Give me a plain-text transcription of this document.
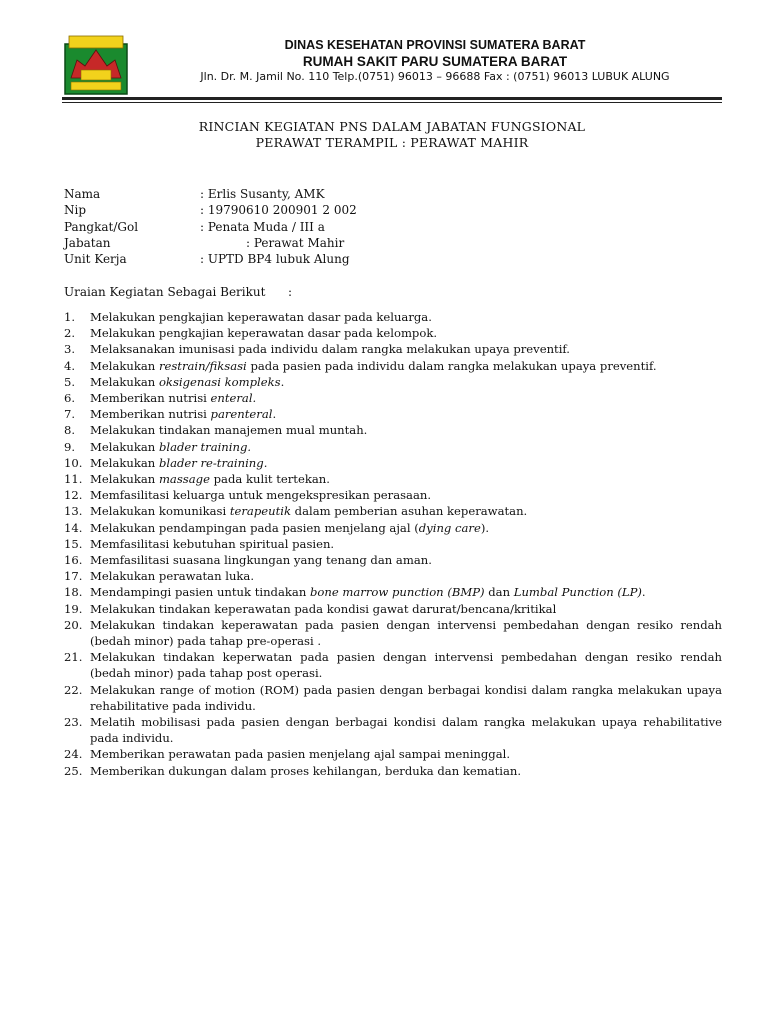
DINAS KESEHATAN PROVINSI SUMATERA BARAT
RUMAH SAKIT PARU SUMATERA BARAT
Jln. Dr. M. Jamil No. 110 Telp.(0751) 96013 – 96688 Fax : (0751) 96013 LUBUK ALUNG
RINCIAN KEGIATAN PNS DALAM JABATAN FUNGSIONAL
PERAWAT TERAMPIL : PERAWAT MAHIR
Nama	: Erlis Susanty, AMK
Nip	: 19790610 200901 2 002
Pangkat/Gol	: Penata Muda / III a
Jabatan	: Perawat Mahir
Unit Kerja	: UPTD BP4 lubuk Alung
Uraian Kegiatan Sebagai Berikut :
1. Melakukan pengkajian keperawatan dasar pada keluarga.
2. Melakukan pengkajian keperawatan dasar pada kelompok.
3. Melaksanakan imunisasi pada individu dalam rangka melakukan upaya preventif.
4. Melakukan restrain/fiksasi pada pasien pada individu dalam rangka melakukan upaya preventif.
5. Melakukan oksigenasi kompleks.
6. Memberikan nutrisi enteral.
7. Memberikan nutrisi parenteral.
8. Melakukan tindakan manajemen mual muntah.
9. Melakukan blader training.
10. Melakukan blader re-training.
11. Melakukan massage pada kulit tertekan.
12. Memfasilitasi keluarga untuk mengekspresikan perasaan.
13. Melakukan komunikasi terapeutik dalam pemberian asuhan keperawatan.
14. Melakukan pendampingan pada pasien menjelang ajal (dying care).
15. Memfasilitasi kebutuhan spiritual pasien.
16. Memfasilitasi suasana lingkungan yang tenang dan aman.
17. Melakukan perawatan luka.
18. Mendampingi pasien untuk tindakan bone marrow punction (BMP) dan Lumbal Punction (LP).
19. Melakukan tindakan keperawatan pada kondisi gawat darurat/bencana/kritikal
20. Melakukan tindakan keperawatan pada pasien dengan intervensi pembedahan dengan resiko rendah (bedah minor) pada tahap pre-operasi .
21. Melakukan tindakan keperwatan pada pasien dengan intervensi pembedahan dengan resiko rendah (bedah minor) pada tahap post operasi.
22. Melakukan range of motion (ROM) pada pasien dengan berbagai kondisi dalam rangka melakukan upaya rehabilitative pada individu.
23. Melatih mobilisasi pada pasien dengan berbagai kondisi dalam rangka melakukan upaya rehabilitative pada individu.
24. Memberikan perawatan pada pasien menjelang ajal sampai meninggal.
25. Memberikan dukungan dalam proses kehilangan, berduka dan kematian.
